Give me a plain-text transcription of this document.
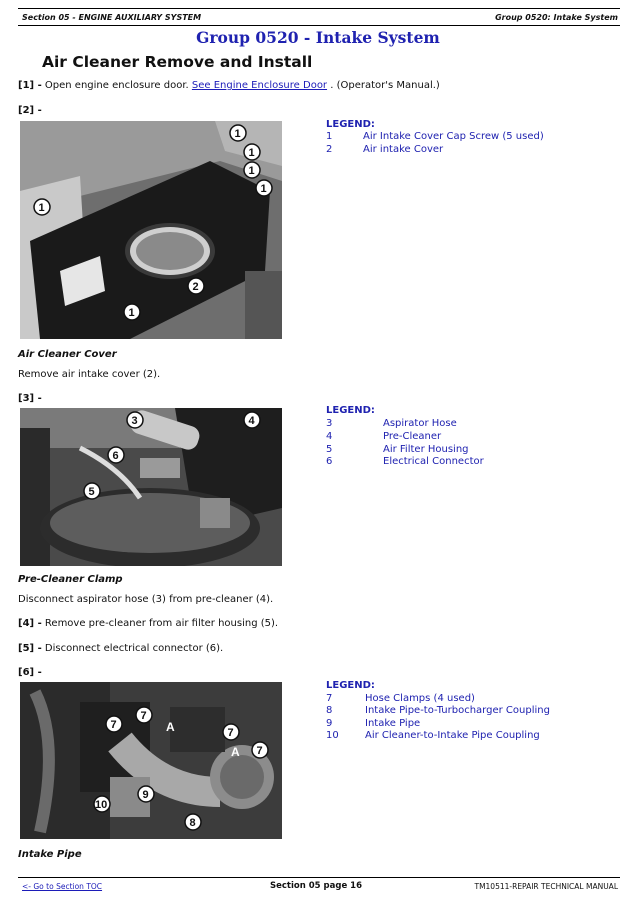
Section 05 - ENGINE AUXILIARY SYSTEM	Group 0520: Intake System
Group 0520 - Intake System
Air Cleaner Remove and Install
[1] - Open engine enclosure door. See Engine Enclosure Door . (Operator's Manual.)
[2] -
1
1
1
1
1
1
2
LEGEND:
1	Air Intake Cover Cap Screw (5 used)
2	Air intake Cover
Air Cleaner Cover
Remove air intake cover (2).
[3] -
3	4
6
5
LEGEND:
3	Aspirator Hose
4	Pre-Cleaner
5	Air Filter Housing
6	Electrical Connector
Pre-Cleaner Clamp
Disconnect aspirator hose (3) from pre-cleaner (4).
[4] - Remove pre-cleaner from air filter housing (5).
[5] - Disconnect electrical connector (6).
[6] -
A
A
7
7
7
7
10
9
8
LEGEND:
7	Hose Clamps (4 used)
8	Intake Pipe-to-Turbocharger Coupling
9	Intake Pipe
10	Air Cleaner-to-Intake Pipe Coupling
Intake Pipe
<- Go to Section TOC	Section 05 page 16	TM10511-REPAIR TECHNICAL MANUAL
